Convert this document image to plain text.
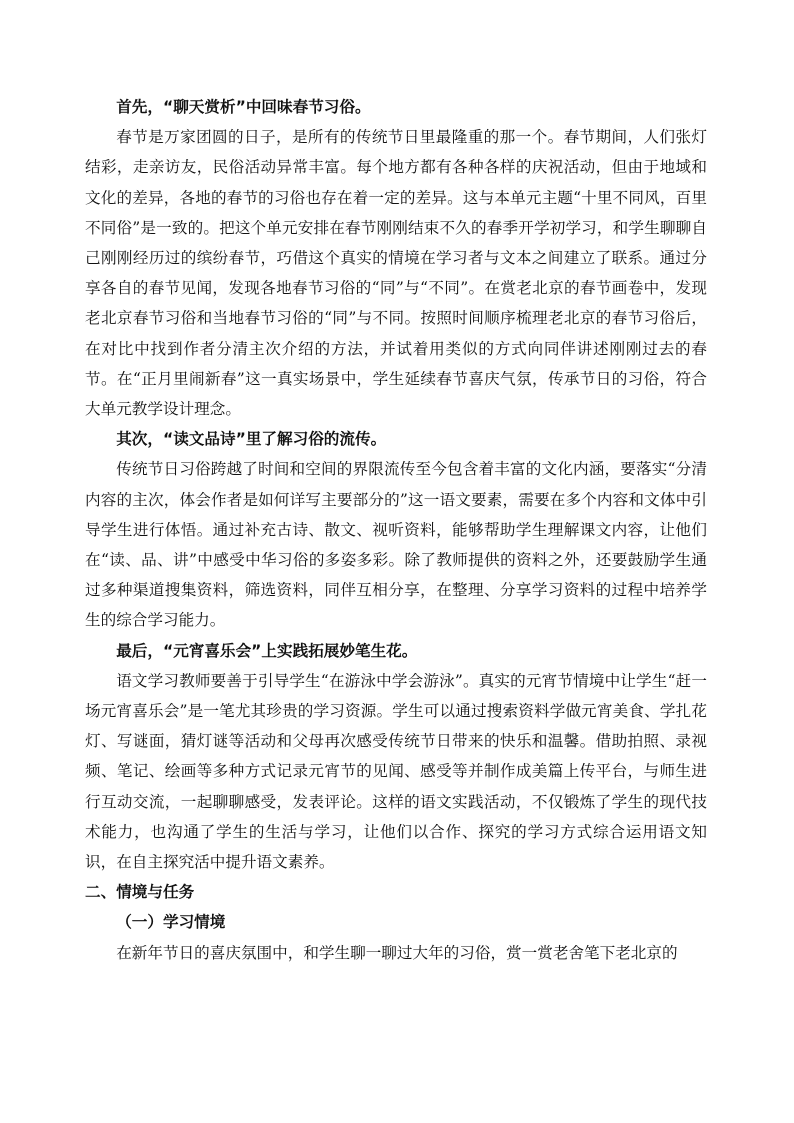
首先，“聊天赏析”中回味春节习俗。

春节是万家团圆的日子，是所有的传统节日里最隆重的那一个。春节期间，人们张灯结彩，走亲访友，民俗活动异常丰富。每个地方都有各种各样的庆祝活动，但由于地域和文化的差异，各地的春节的习俗也存在着一定的差异。这与本单元主题“十里不同风，百里不同俗”是一致的。把这个单元安排在春节刚刚结束不久的春季开学初学习，和学生聊聊自己刚刚经历过的缤纷春节，巧借这个真实的情境在学习者与文本之间建立了联系。通过分享各自的春节见闻，发现各地春节习俗的“同”与“不同”。在赏老北京的春节画卷中，发现老北京春节习俗和当地春节习俗的“同”与不同。按照时间顺序梳理老北京的春节习俗后，在对比中找到作者分清主次介绍的方法，并试着用类似的方式向同伴讲述刚刚过去的春节。在“正月里闹新春”这一真实场景中，学生延续春节喜庆气氛，传承节日的习俗，符合大单元教学设计理念。

其次，“读文品诗”里了解习俗的流传。

传统节日习俗跨越了时间和空间的界限流传至今包含着丰富的文化内涵，要落实“分清内容的主次，体会作者是如何详写主要部分的”这一语文要素，需要在多个内容和文体中引导学生进行体悟。通过补充古诗、散文、视听资料，能够帮助学生理解课文内容，让他们在“读、品、讲”中感受中华习俗的多姿多彩。除了教师提供的资料之外，还要鼓励学生通过多种渠道搜集资料，筛选资料，同伴互相分享，在整理、分享学习资料的过程中培养学生的综合学习能力。

最后，“元宵喜乐会”上实践拓展妙笔生花。

语文学习教师要善于引导学生“在游泳中学会游泳”。真实的元宵节情境中让学生“赶一场元宵喜乐会”是一笔尤其珍贵的学习资源。学生可以通过搜索资料学做元宵美食、学扎花灯、写谜面，猜灯谜等活动和父母再次感受传统节日带来的快乐和温馨。借助拍照、录视频、笔记、绘画等多种方式记录元宵节的见闻、感受等并制作成美篇上传平台，与师生进行互动交流，一起聊聊感受，发表评论。这样的语文实践活动，不仅锻炼了学生的现代技术能力，也沟通了学生的生活与学习，让他们以合作、探究的学习方式综合运用语文知识，在自主探究活中提升语文素养。

二、情境与任务

（一）学习情境

在新年节日的喜庆氛围中，和学生聊一聊过大年的习俗，赏一赏老舍笔下老北京的
